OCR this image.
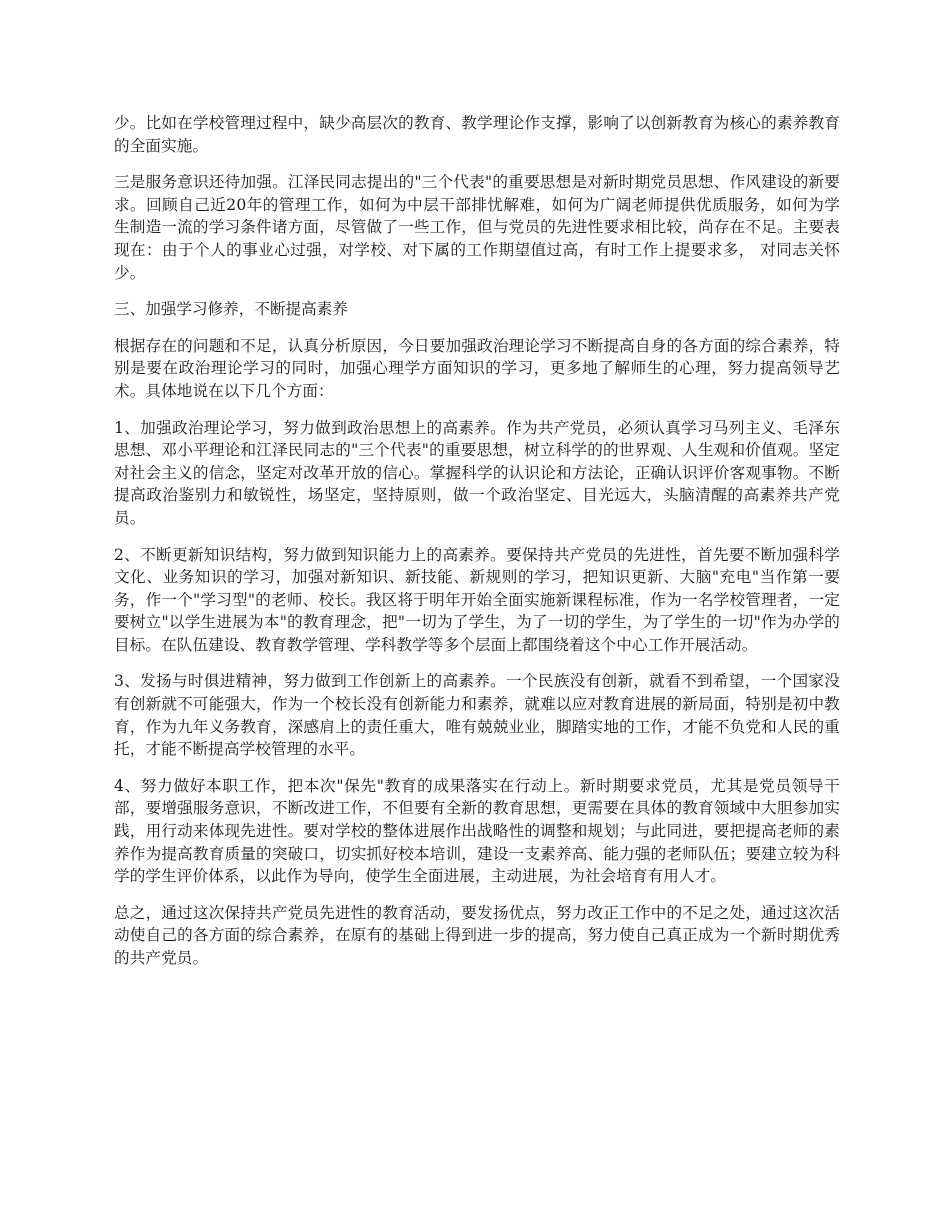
少。比如在学校管理过程中，缺少高层次的教育、教学理论作支撑，影响了以创新教育为核心的素养教育的全面实施。

三是服务意识还待加强。江泽民同志提出的"三个代表"的重要思想是对新时期党员思想、作风建设的新要求。回顾自己近20年的管理工作，如何为中层干部排忧解难，如何为广阔老师提供优质服务，如何为学生制造一流的学习条件诸方面，尽管做了一些工作，但与党员的先进性要求相比较，尚存在不足。主要表现在：由于个人的事业心过强，对学校、对下属的工作期望值过高，有时工作上提要求多， 对同志关怀少。

三、加强学习修养，不断提高素养

根据存在的问题和不足，认真分析原因，今日要加强政治理论学习不断提高自身的各方面的综合素养，特别是要在政治理论学习的同时，加强心理学方面知识的学习，更多地了解师生的心理，努力提高领导艺术。具体地说在以下几个方面：

1、加强政治理论学习，努力做到政治思想上的高素养。作为共产党员，必须认真学习马列主义、毛泽东思想、邓小平理论和江泽民同志的"三个代表"的重要思想，树立科学的的世界观、人生观和价值观。坚定对社会主义的信念，坚定对改革开放的信心。掌握科学的认识论和方法论，正确认识评价客观事物。不断提高政治鉴别力和敏锐性，场坚定，坚持原则，做一个政治坚定、目光远大，头脑清醒的高素养共产党员。

2、不断更新知识结构，努力做到知识能力上的高素养。要保持共产党员的先进性，首先要不断加强科学文化、业务知识的学习，加强对新知识、新技能、新规则的学习，把知识更新、大脑"充电"当作第一要务，作一个"学习型"的老师、校长。我区将于明年开始全面实施新课程标准，作为一名学校管理者，一定要树立"以学生进展为本"的教育理念，把"一切为了学生，为了一切的学生，为了学生的一切"作为办学的目标。在队伍建设、教育教学管理、学科教学等多个层面上都围绕着这个中心工作开展活动。

3、发扬与时俱进精神，努力做到工作创新上的高素养。一个民族没有创新，就看不到希望，一个国家没有创新就不可能强大，作为一个校长没有创新能力和素养，就难以应对教育进展的新局面，特别是初中教育，作为九年义务教育，深感肩上的责任重大，唯有兢兢业业，脚踏实地的工作，才能不负党和人民的重托，才能不断提高学校管理的水平。

4、努力做好本职工作，把本次"保先"教育的成果落实在行动上。新时期要求党员，尤其是党员领导干部，要增强服务意识，不断改进工作，不但要有全新的教育思想，更需要在具体的教育领域中大胆参加实践，用行动来体现先进性。要对学校的整体进展作出战略性的调整和规划；与此同进，要把提高老师的素养作为提高教育质量的突破口，切实抓好校本培训，建设一支素养高、能力强的老师队伍；要建立较为科学的学生评价体系，以此作为导向，使学生全面进展，主动进展，为社会培育有用人才。

总之，通过这次保持共产党员先进性的教育活动，要发扬优点，努力改正工作中的不足之处，通过这次活动使自己的各方面的综合素养，在原有的基础上得到进一步的提高，努力使自己真正成为一个新时期优秀的共产党员。
